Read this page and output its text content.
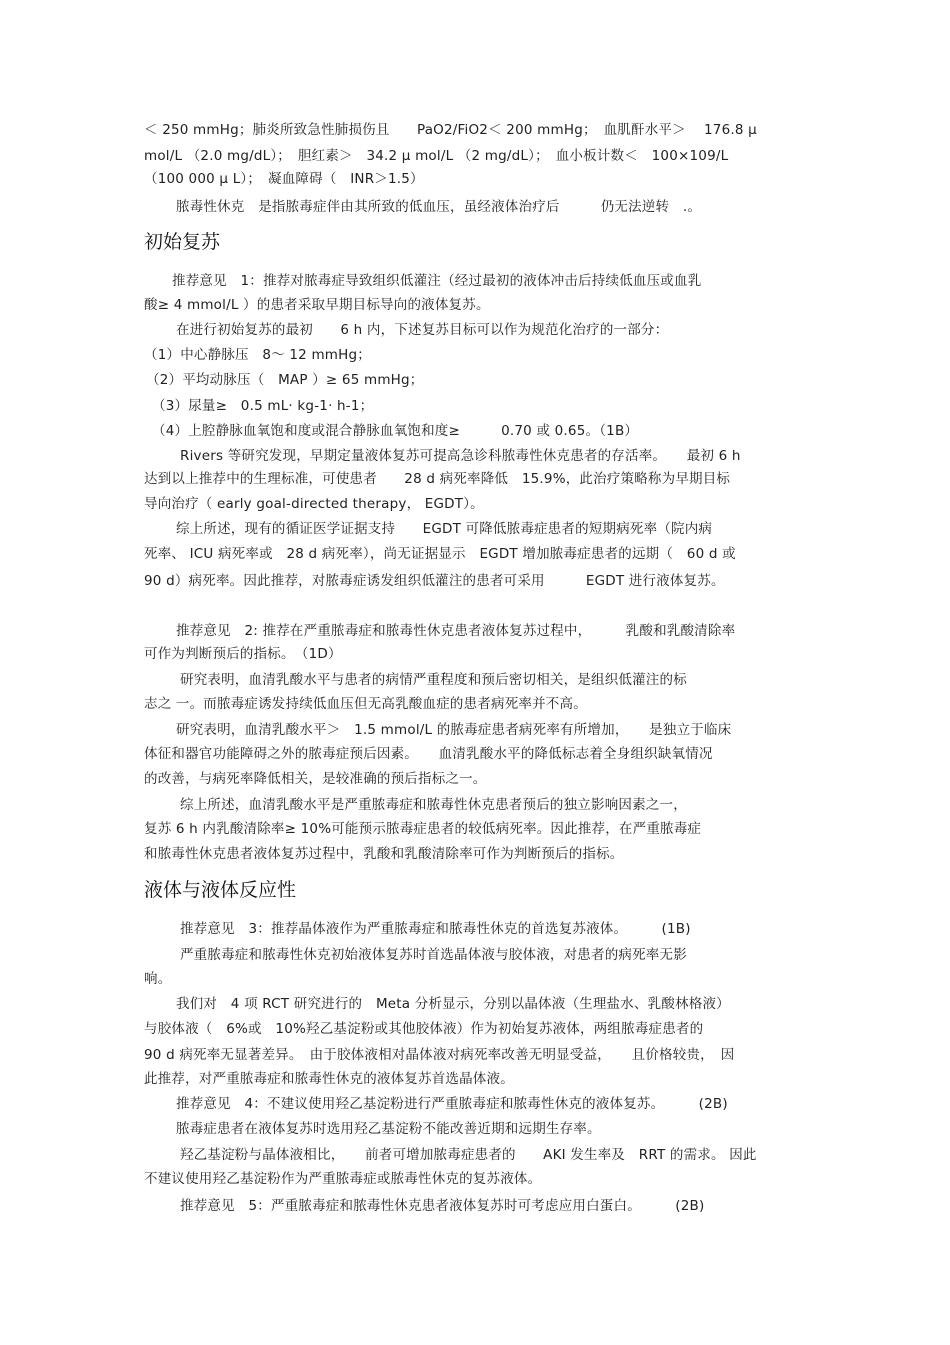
＜ 250 mmHg；肺炎所致急性肺损伤且　　PaO2/FiO2＜ 200 mmHg；　血肌酐水平＞　 176.8 μ
mol/L （2.0 mg/dL）；　胆红素＞　34.2 μ mol/L （2 mg/dL）；　血小板计数＜　100×109/L
（100 000 μ L）；　凝血障碍（　INR＞1.5）
脓毒性休克　是指脓毒症伴由其所致的低血压，虽经液体治疗后　　　仍无法逆转　.。
初始复苏
推荐意见　1：推荐对脓毒症导致组织低灌注（经过最初的液体冲击后持续低血压或血乳
酸≥ 4 mmol/L ）的患者采取早期目标导向的液体复苏。
在进行初始复苏的最初　　6 h 内，下述复苏目标可以作为规范化治疗的一部分：
（1）中心静脉压　8～ 12 mmHg；
（2）平均动脉压（　MAP ）≥ 65 mmHg；
（3）尿量≥　0.5 mL· kg-1· h-1；
（4）上腔静脉血氧饱和度或混合静脉血氧饱和度≥　　　0.70 或 0.65。（1B）
Rivers 等研究发现，早期定量液体复苏可提高急诊科脓毒性休克患者的存活率。　　最初 6 h
达到以上推荐中的生理标准，可使患者　　28 d 病死率降低　15.9%，此治疗策略称为早期目标
导向治疗（ early goal-directed therapy， EGDT）。
综上所述，现有的循证医学证据支持　　EGDT 可降低脓毒症患者的短期病死率（院内病
死率、 ICU 病死率或　28 d 病死率），尚无证据显示　EGDT 增加脓毒症患者的远期（　60 d 或
90 d）病死率。因此推荐，对脓毒症诱发组织低灌注的患者可采用　　　EGDT 进行液体复苏。
推荐意见　2: 推荐在严重脓毒症和脓毒性休克患者液体复苏过程中，　　　乳酸和乳酸清除率
可作为判断预后的指标。　（1D）
研究表明，血清乳酸水平与患者的病情严重程度和预后密切相关，是组织低灌注的标
志之 一。而脓毒症诱发持续低血压但无高乳酸血症的患者病死率并不高。
研究表明，血清乳酸水平＞　1.5 mmol/L 的脓毒症患者病死率有所增加，　　是独立于临床
体征和器官功能障碍之外的脓毒症预后因素。　　血清乳酸水平的降低标志着全身组织缺氧情况
的改善，与病死率降低相关，是较准确的预后指标之一。
综上所述，血清乳酸水平是严重脓毒症和脓毒性休克患者预后的独立影响因素之一，
复苏 6 h 内乳酸清除率≥ 10%可能预示脓毒症患者的较低病死率。因此推荐，在严重脓毒症
和脓毒性休克患者液体复苏过程中，乳酸和乳酸清除率可作为判断预后的指标。
液体与液体反应性
推荐意见　3：推荐晶体液作为严重脓毒症和脓毒性休克的首选复苏液体。　　　(1B)
严重脓毒症和脓毒性休克初始液体复苏时首选晶体液与胶体液，对患者的病死率无影
响。
我们对　4 项 RCT 研究进行的　Meta 分析显示，分别以晶体液（生理盐水、乳酸林格液）
与胶体液（　6%或　10%羟乙基淀粉或其他胶体液）作为初始复苏液体，两组脓毒症患者的
90 d 病死率无显著差异。　由于胶体液相对晶体液对病死率改善无明显受益，　　且价格较贵，　因
此推荐，对严重脓毒症和脓毒性休克的液体复苏首选晶体液。
推荐意见　4：不建议使用羟乙基淀粉进行严重脓毒症和脓毒性休克的液体复苏。　　　(2B)
脓毒症患者在液体复苏时选用羟乙基淀粉不能改善近期和远期生存率。
羟乙基淀粉与晶体液相比，　　前者可增加脓毒症患者的　　AKI 发生率及　RRT 的需求。 因此
不建议使用羟乙基淀粉作为严重脓毒症或脓毒性休克的复苏液体。
推荐意见　5：严重脓毒症和脓毒性休克患者液体复苏时可考虑应用白蛋白。　　　(2B)
